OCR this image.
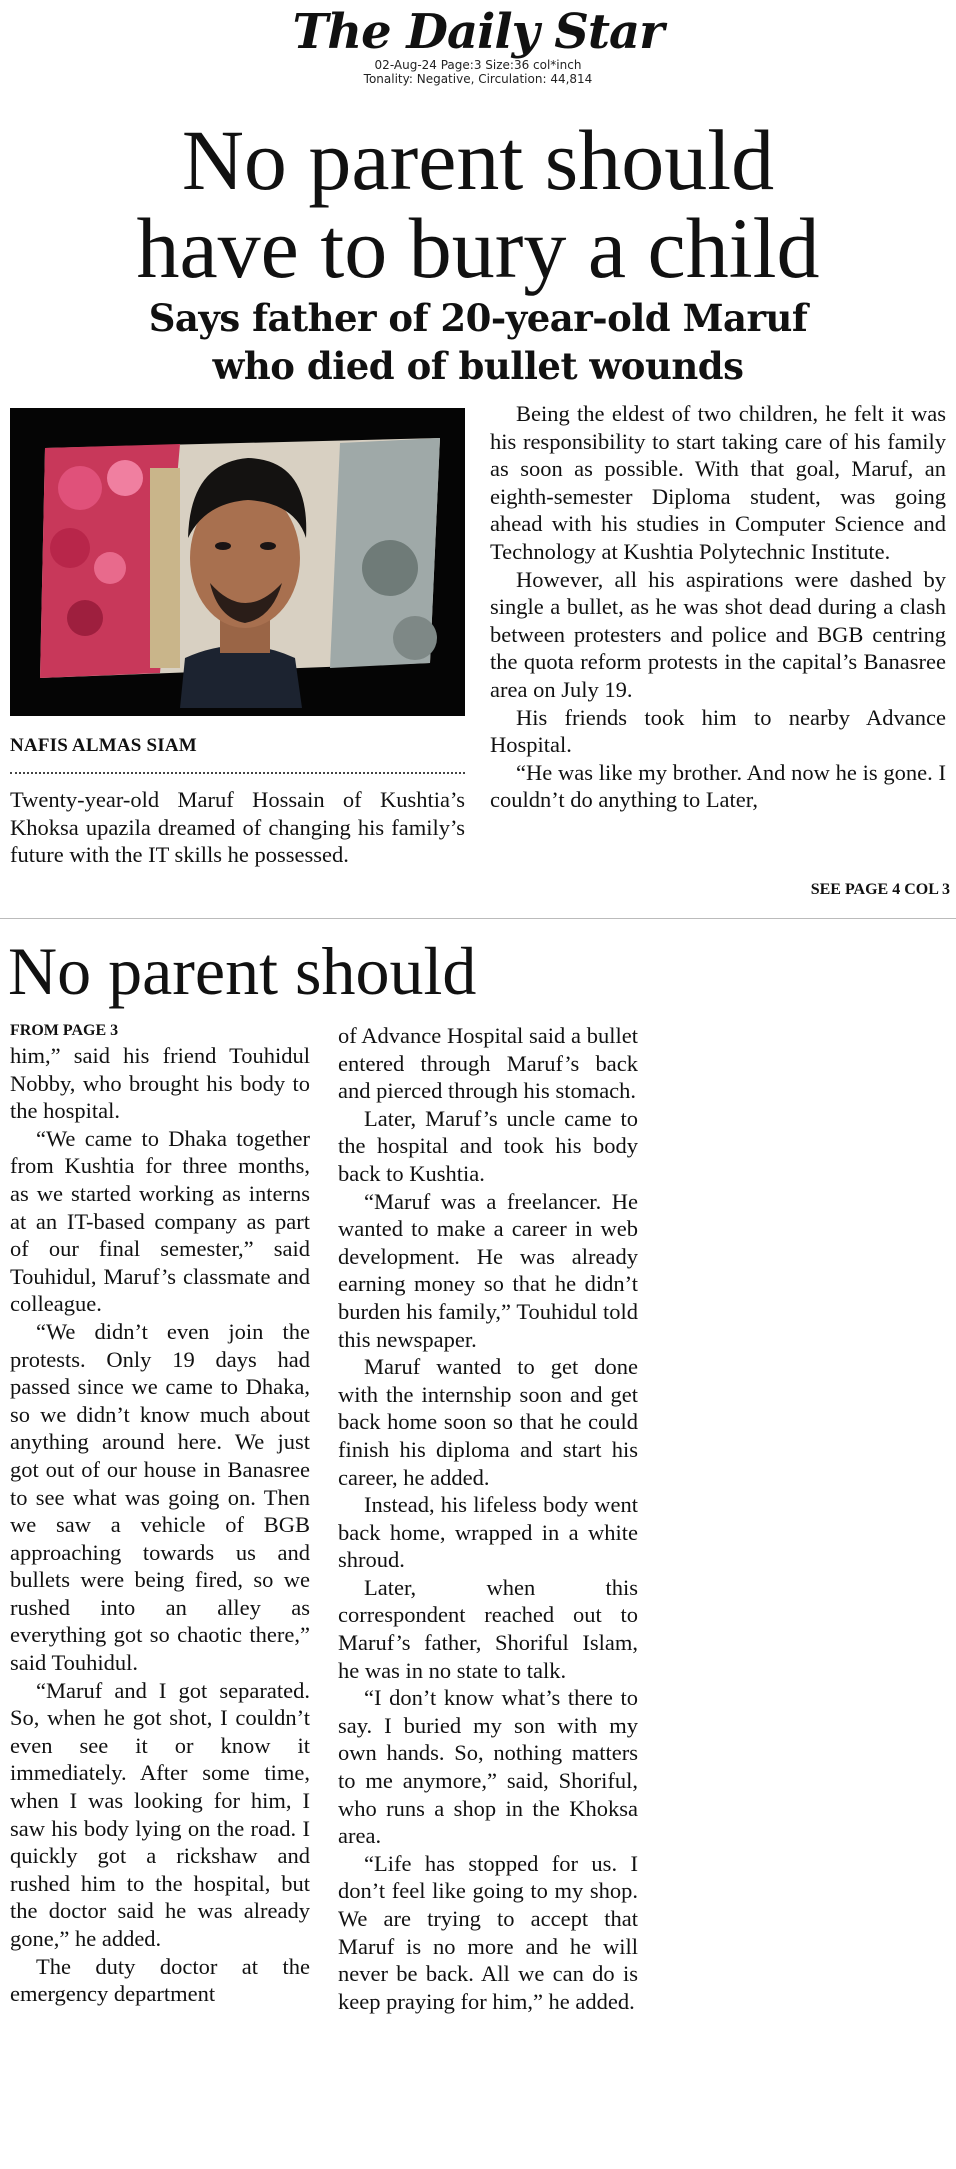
The Daily Star
02-Aug-24 Page:3 Size:36 col*inch
Tonality: Negative, Circulation: 44,814
No parent should
have to bury a child
Says father of 20-year-old Maruf
who died of bullet wounds
NAFIS ALMAS SIAM

Twenty-year-old Maruf Hossain of Kushtia’s Khoksa upazila dreamed of changing his family’s future with the IT skills he possessed.

Being the eldest of two children, he felt it was his responsibility to start taking care of his family as soon as possible. With that goal, Maruf, an eighth-semester Diploma student, was going ahead with his studies in Computer Science and Technology at Kushtia Polytechnic Institute.

However, all his aspirations were dashed by single a bullet, as he was shot dead during a clash between protesters and police and BGB centring the quota reform protests in the capital’s Banasree area on July 19.

His friends took him to nearby Advance Hospital.

“He was like my brother. And now he is gone. I couldn’t do anything to Later,

SEE PAGE 4 COL 3
No parent should
FROM PAGE 3

him,” said his friend Touhidul Nobby, who brought his body to the hospital.

“We came to Dhaka together from Kushtia for three months, as we started working as interns at an IT-based company as part of our final semester,” said Touhidul, Maruf’s classmate and colleague.

“We didn’t even join the protests. Only 19 days had passed since we came to Dhaka, so we didn’t know much about anything around here. We just got out of our house in Banasree to see what was going on. Then we saw a vehicle of BGB approaching towards us and bullets were being fired, so we rushed into an alley as everything got so chaotic there,” said Touhidul.

“Maruf and I got separated. So, when he got shot, I couldn’t even see it or know it immediately. After some time, when I was looking for him, I saw his body lying on the road. I quickly got a rickshaw and rushed him to the hospital, but the doctor said he was already gone,” he added.

The duty doctor at the emergency department

of Advance Hospital said a bullet entered through Maruf’s back and pierced through his stomach.

Later, Maruf’s uncle came to the hospital and took his body back to Kushtia.

“Maruf was a freelancer. He wanted to make a career in web development. He was already earning money so that he didn’t burden his family,” Touhidul told this newspaper.

Maruf wanted to get done with the internship soon and get back home soon so that he could finish his diploma and start his career, he added.

Instead, his lifeless body went back home, wrapped in a white shroud.

Later, when this correspondent reached out to Maruf’s father, Shoriful Islam, he was in no state to talk.

“I don’t know what’s there to say. I buried my son with my own hands. So, nothing matters to me anymore,” said, Shoriful, who runs a shop in the Khoksa area.

“Life has stopped for us. I don’t feel like going to my shop. We are trying to accept that Maruf is no more and he will never be back. All we can do is keep praying for him,” he added.
